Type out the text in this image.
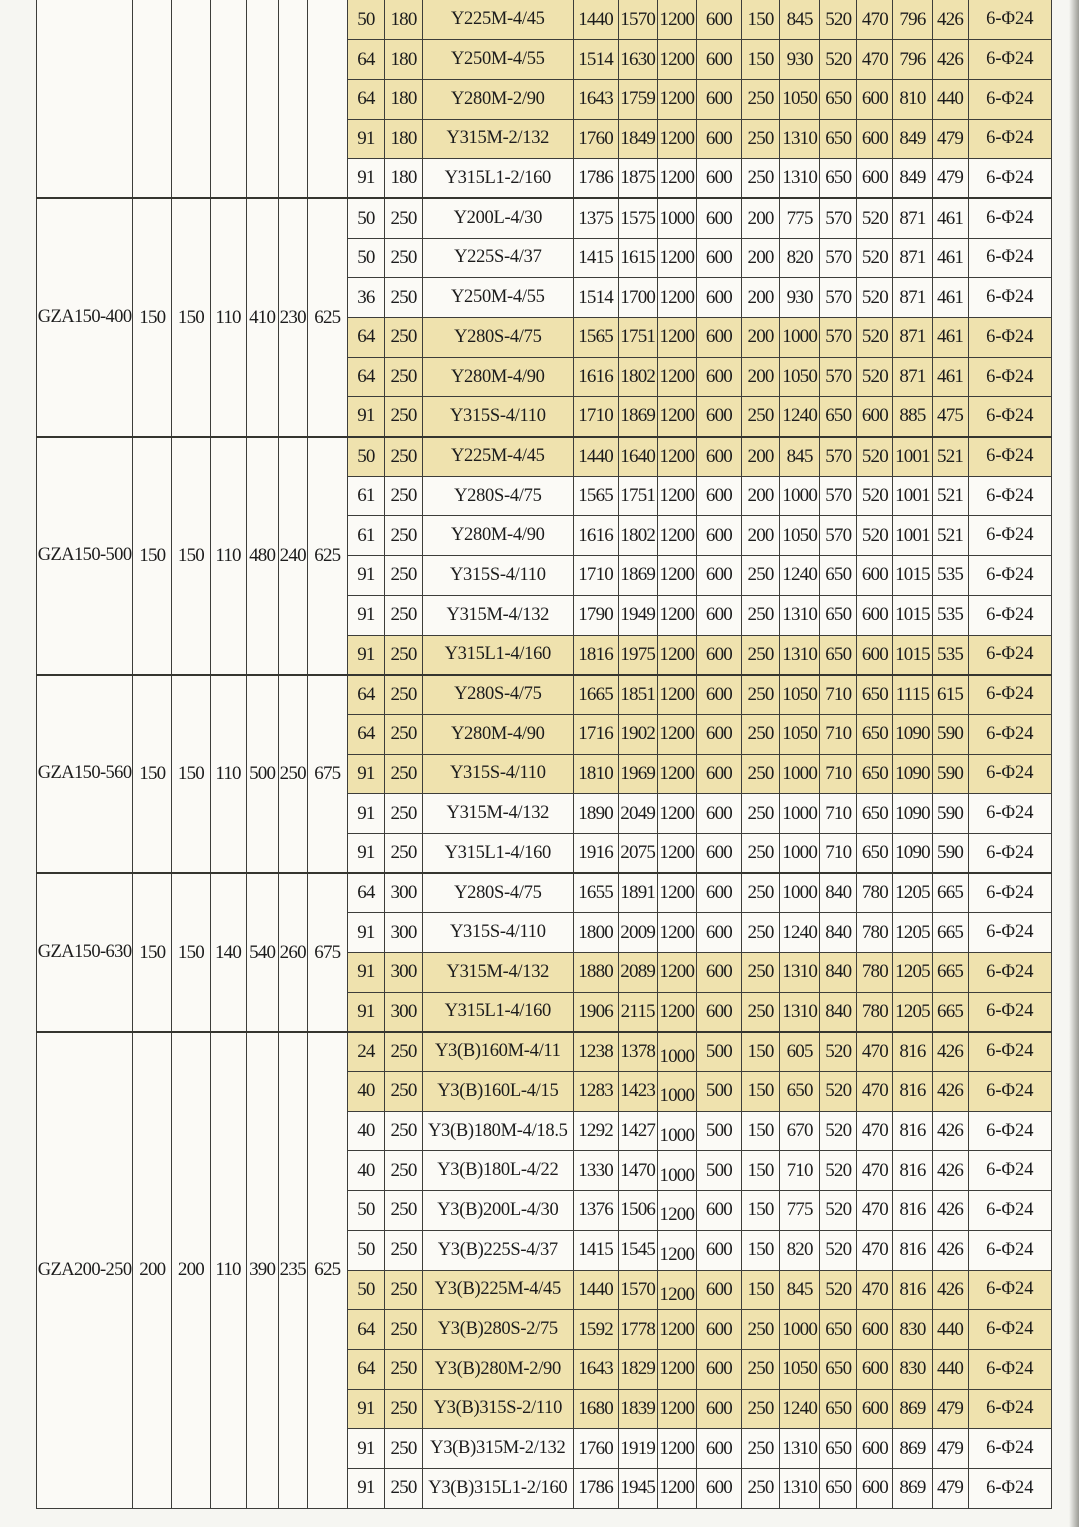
							50	180	Y225M-4/45	1440	1570	1200	600	150	845	520	470	796	426	6-Φ24
							64	180	Y250M-4/55	1514	1630	1200	600	150	930	520	470	796	426	6-Φ24
							64	180	Y280M-2/90	1643	1759	1200	600	250	1050	650	600	810	440	6-Φ24
							91	180	Y315M-2/132	1760	1849	1200	600	250	1310	650	600	849	479	6-Φ24
							91	180	Y315L1-2/160	1786	1875	1200	600	250	1310	650	600	849	479	6-Φ24
GZA150-400	150	150	110	410	230	625	50	250	Y200L-4/30	1375	1575	1000	600	200	775	570	520	871	461	6-Φ24
							50	250	Y225S-4/37	1415	1615	1200	600	200	820	570	520	871	461	6-Φ24
							36	250	Y250M-4/55	1514	1700	1200	600	200	930	570	520	871	461	6-Φ24
							64	250	Y280S-4/75	1565	1751	1200	600	200	1000	570	520	871	461	6-Φ24
							64	250	Y280M-4/90	1616	1802	1200	600	200	1050	570	520	871	461	6-Φ24
							91	250	Y315S-4/110	1710	1869	1200	600	250	1240	650	600	885	475	6-Φ24
GZA150-500	150	150	110	480	240	625	50	250	Y225M-4/45	1440	1640	1200	600	200	845	570	520	1001	521	6-Φ24
							61	250	Y280S-4/75	1565	1751	1200	600	200	1000	570	520	1001	521	6-Φ24
							61	250	Y280M-4/90	1616	1802	1200	600	200	1050	570	520	1001	521	6-Φ24
							91	250	Y315S-4/110	1710	1869	1200	600	250	1240	650	600	1015	535	6-Φ24
							91	250	Y315M-4/132	1790	1949	1200	600	250	1310	650	600	1015	535	6-Φ24
							91	250	Y315L1-4/160	1816	1975	1200	600	250	1310	650	600	1015	535	6-Φ24
GZA150-560	150	150	110	500	250	675	64	250	Y280S-4/75	1665	1851	1200	600	250	1050	710	650	1115	615	6-Φ24
							64	250	Y280M-4/90	1716	1902	1200	600	250	1050	710	650	1090	590	6-Φ24
							91	250	Y315S-4/110	1810	1969	1200	600	250	1000	710	650	1090	590	6-Φ24
							91	250	Y315M-4/132	1890	2049	1200	600	250	1000	710	650	1090	590	6-Φ24
							91	250	Y315L1-4/160	1916	2075	1200	600	250	1000	710	650	1090	590	6-Φ24
GZA150-630	150	150	140	540	260	675	64	300	Y280S-4/75	1655	1891	1200	600	250	1000	840	780	1205	665	6-Φ24
							91	300	Y315S-4/110	1800	2009	1200	600	250	1240	840	780	1205	665	6-Φ24
							91	300	Y315M-4/132	1880	2089	1200	600	250	1310	840	780	1205	665	6-Φ24
							91	300	Y315L1-4/160	1906	2115	1200	600	250	1310	840	780	1205	665	6-Φ24
GZA200-250	200	200	110	390	235	625	24	250	Y3(B)160M-4/11	1238	1378	1000	500	150	605	520	470	816	426	6-Φ24
							40	250	Y3(B)160L-4/15	1283	1423	1000	500	150	650	520	470	816	426	6-Φ24
							40	250	Y3(B)180M-4/18.5	1292	1427	1000	500	150	670	520	470	816	426	6-Φ24
							40	250	Y3(B)180L-4/22	1330	1470	1000	500	150	710	520	470	816	426	6-Φ24
							50	250	Y3(B)200L-4/30	1376	1506	1200	600	150	775	520	470	816	426	6-Φ24
							50	250	Y3(B)225S-4/37	1415	1545	1200	600	150	820	520	470	816	426	6-Φ24
							50	250	Y3(B)225M-4/45	1440	1570	1200	600	150	845	520	470	816	426	6-Φ24
							64	250	Y3(B)280S-2/75	1592	1778	1200	600	250	1000	650	600	830	440	6-Φ24
							64	250	Y3(B)280M-2/90	1643	1829	1200	600	250	1050	650	600	830	440	6-Φ24
							91	250	Y3(B)315S-2/110	1680	1839	1200	600	250	1240	650	600	869	479	6-Φ24
							91	250	Y3(B)315M-2/132	1760	1919	1200	600	250	1310	650	600	869	479	6-Φ24
							91	250	Y3(B)315L1-2/160	1786	1945	1200	600	250	1310	650	600	869	479	6-Φ24
